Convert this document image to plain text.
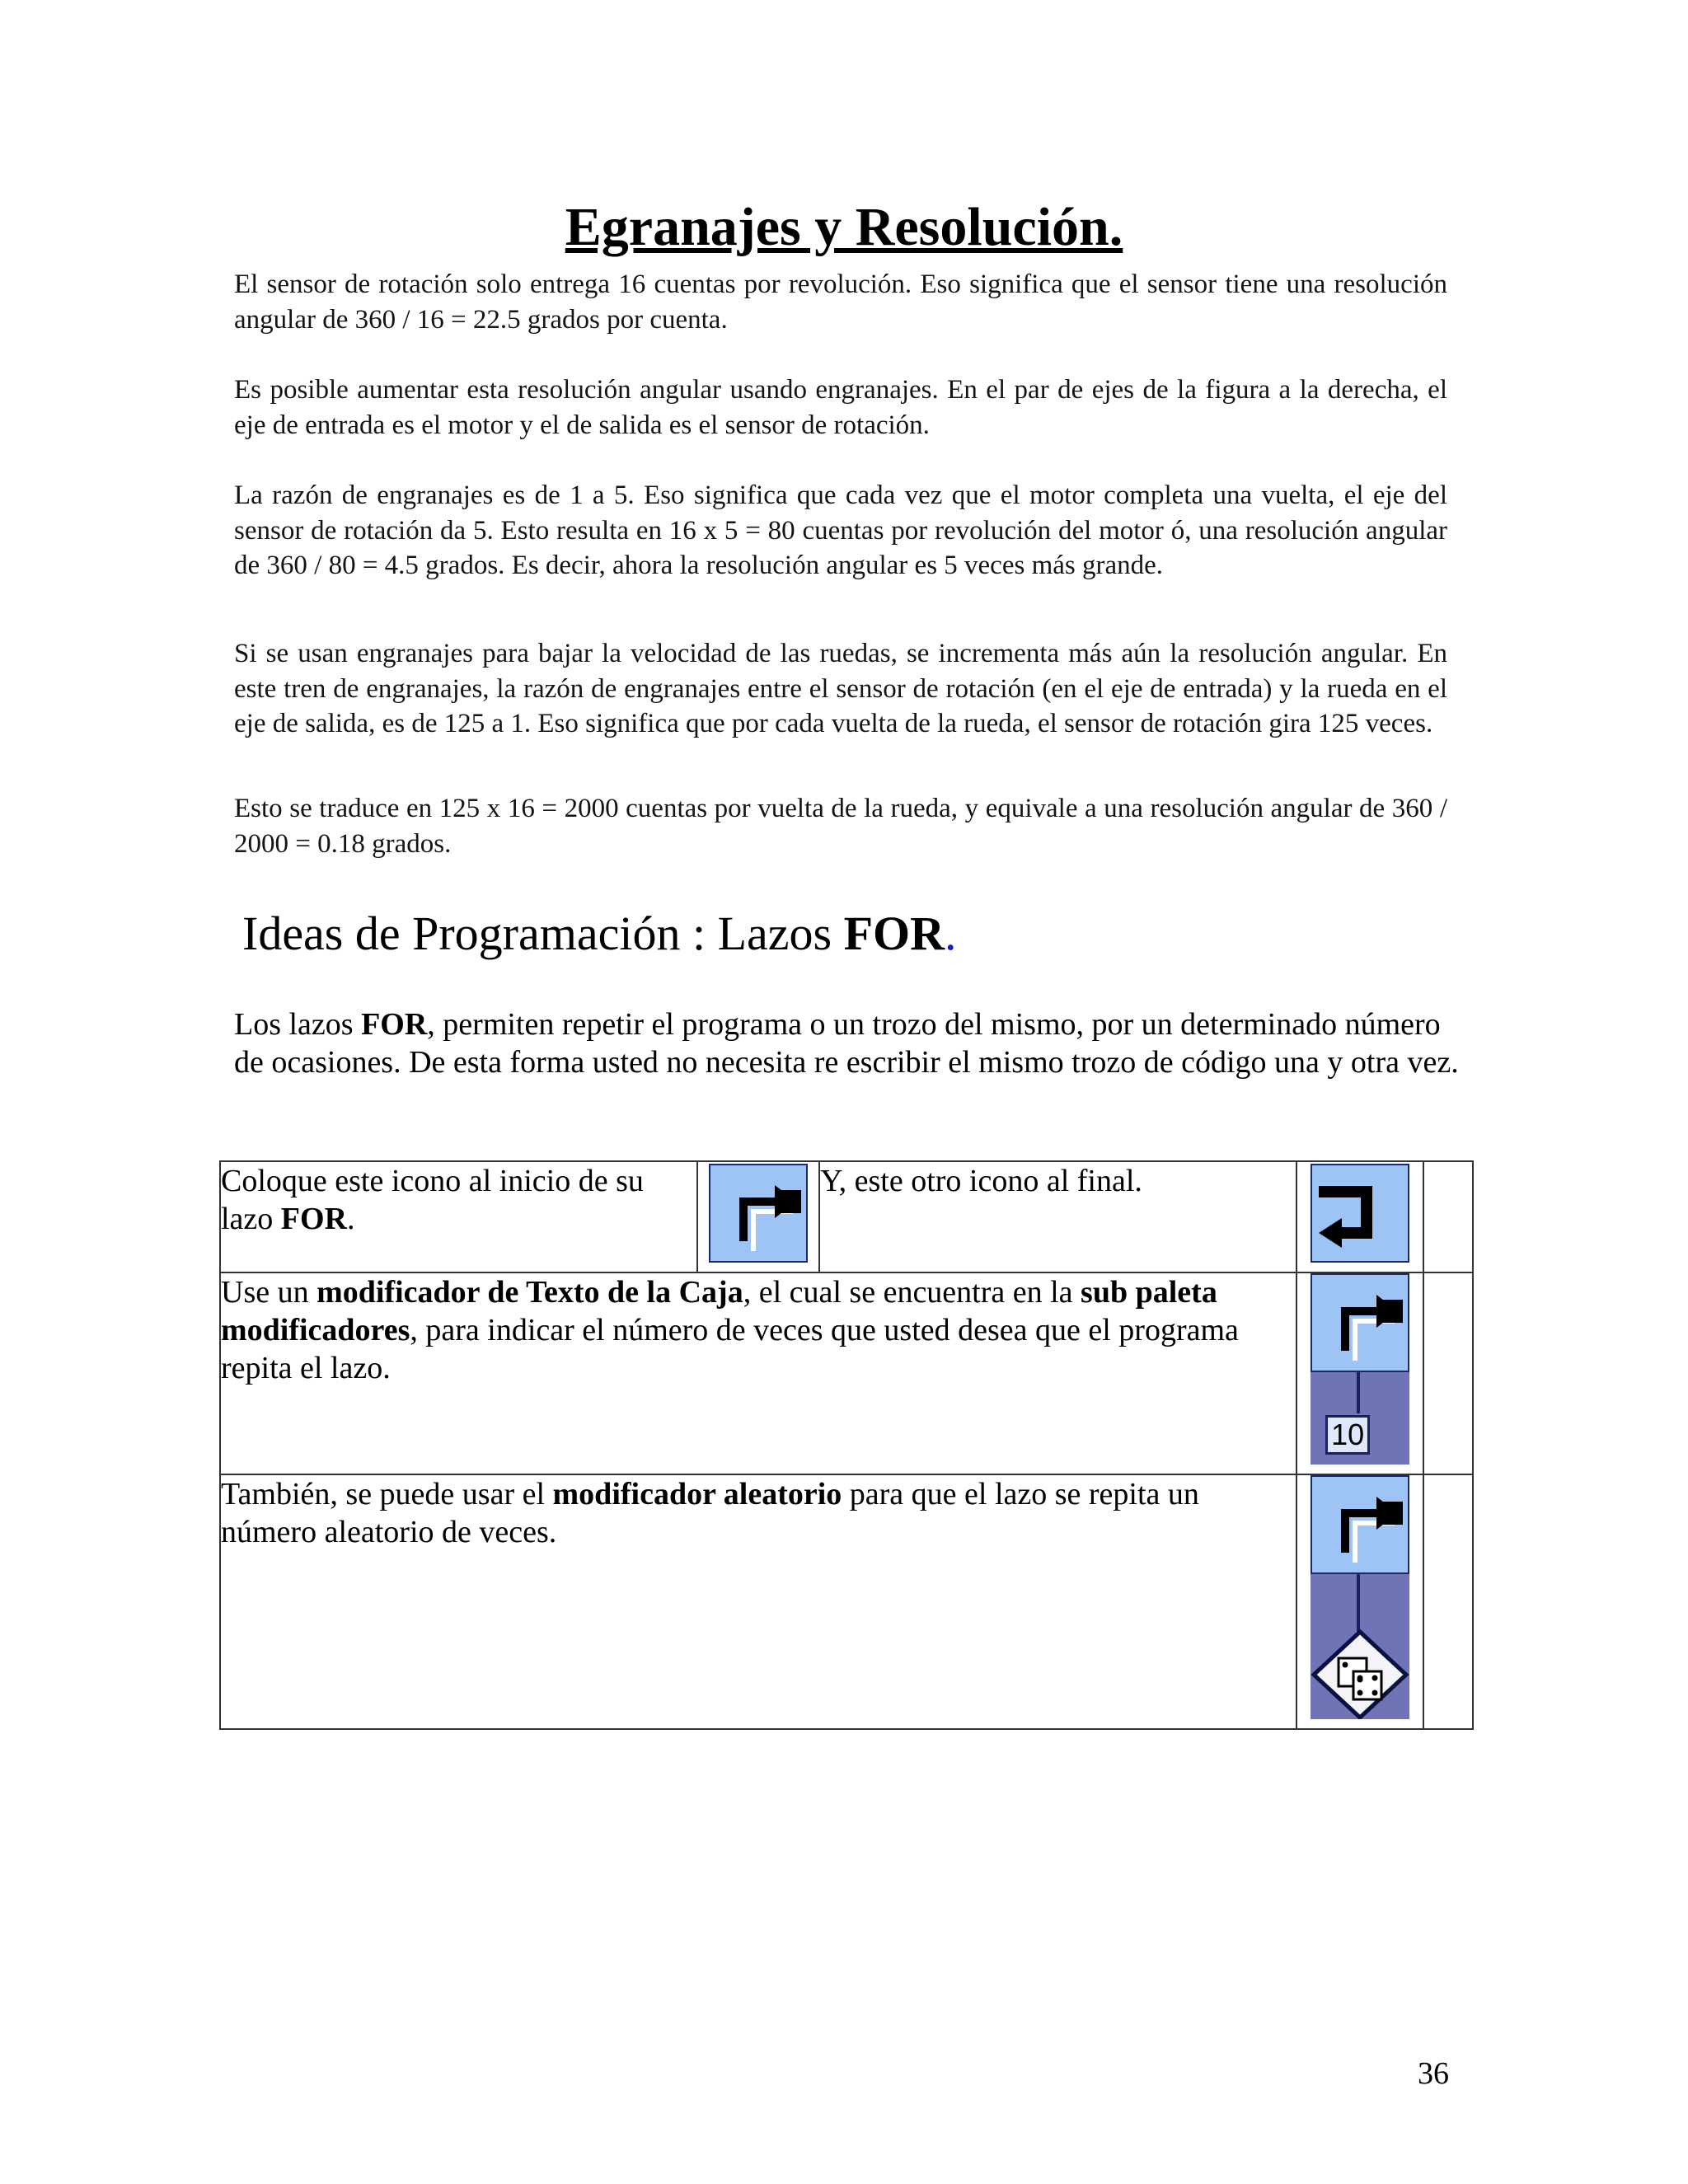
Egranajes y Resolución.

El sensor de rotación solo entrega 16 cuentas por revolución. Eso significa que el sensor tiene una resolución angular de 360 / 16 = 22.5 grados por cuenta.

Es posible aumentar esta resolución angular usando engranajes. En el par de ejes de la figura a la derecha, el eje de entrada es el motor y el de salida es el sensor de rotación.

La razón de engranajes es de 1 a 5. Eso significa que cada vez que el motor completa una vuelta, el eje del sensor de rotación da 5. Esto resulta en 16 x 5 = 80 cuentas por revolución del motor ó, una resolución angular de 360 / 80 = 4.5 grados. Es decir, ahora la resolución angular es 5 veces más grande.

Si se usan engranajes para bajar la velocidad de las ruedas, se incrementa más aún la resolución angular. En este tren de engranajes, la razón de engranajes entre el sensor de rotación (en el eje de entrada) y la rueda en el eje de salida, es de 125 a 1. Eso significa que por cada vuelta de la rueda, el sensor de rotación gira 125 veces.

Esto se traduce en 125 x 16 = 2000 cuentas por vuelta de la rueda, y equivale a una resolución angular de 360 / 2000 = 0.18 grados.

Ideas de Programación : Lazos FOR.

Los lazos FOR, permiten repetir el programa o un trozo del mismo, por un determinado número de ocasiones. De esta forma usted no necesita re escribir el mismo trozo de código una y otra vez.

Coloque este icono al inicio de su lazo FOR.		Y, este otro icono al final.	

Use un modificador de Texto de la Caja, el cual se encuentra en la sub paleta modificadores, para indicar el número de veces que usted desea que el programa repita el lazo.			10	

También, se puede usar el modificador aleatorio para que el lazo se repita un número aleatorio de veces.	

36
